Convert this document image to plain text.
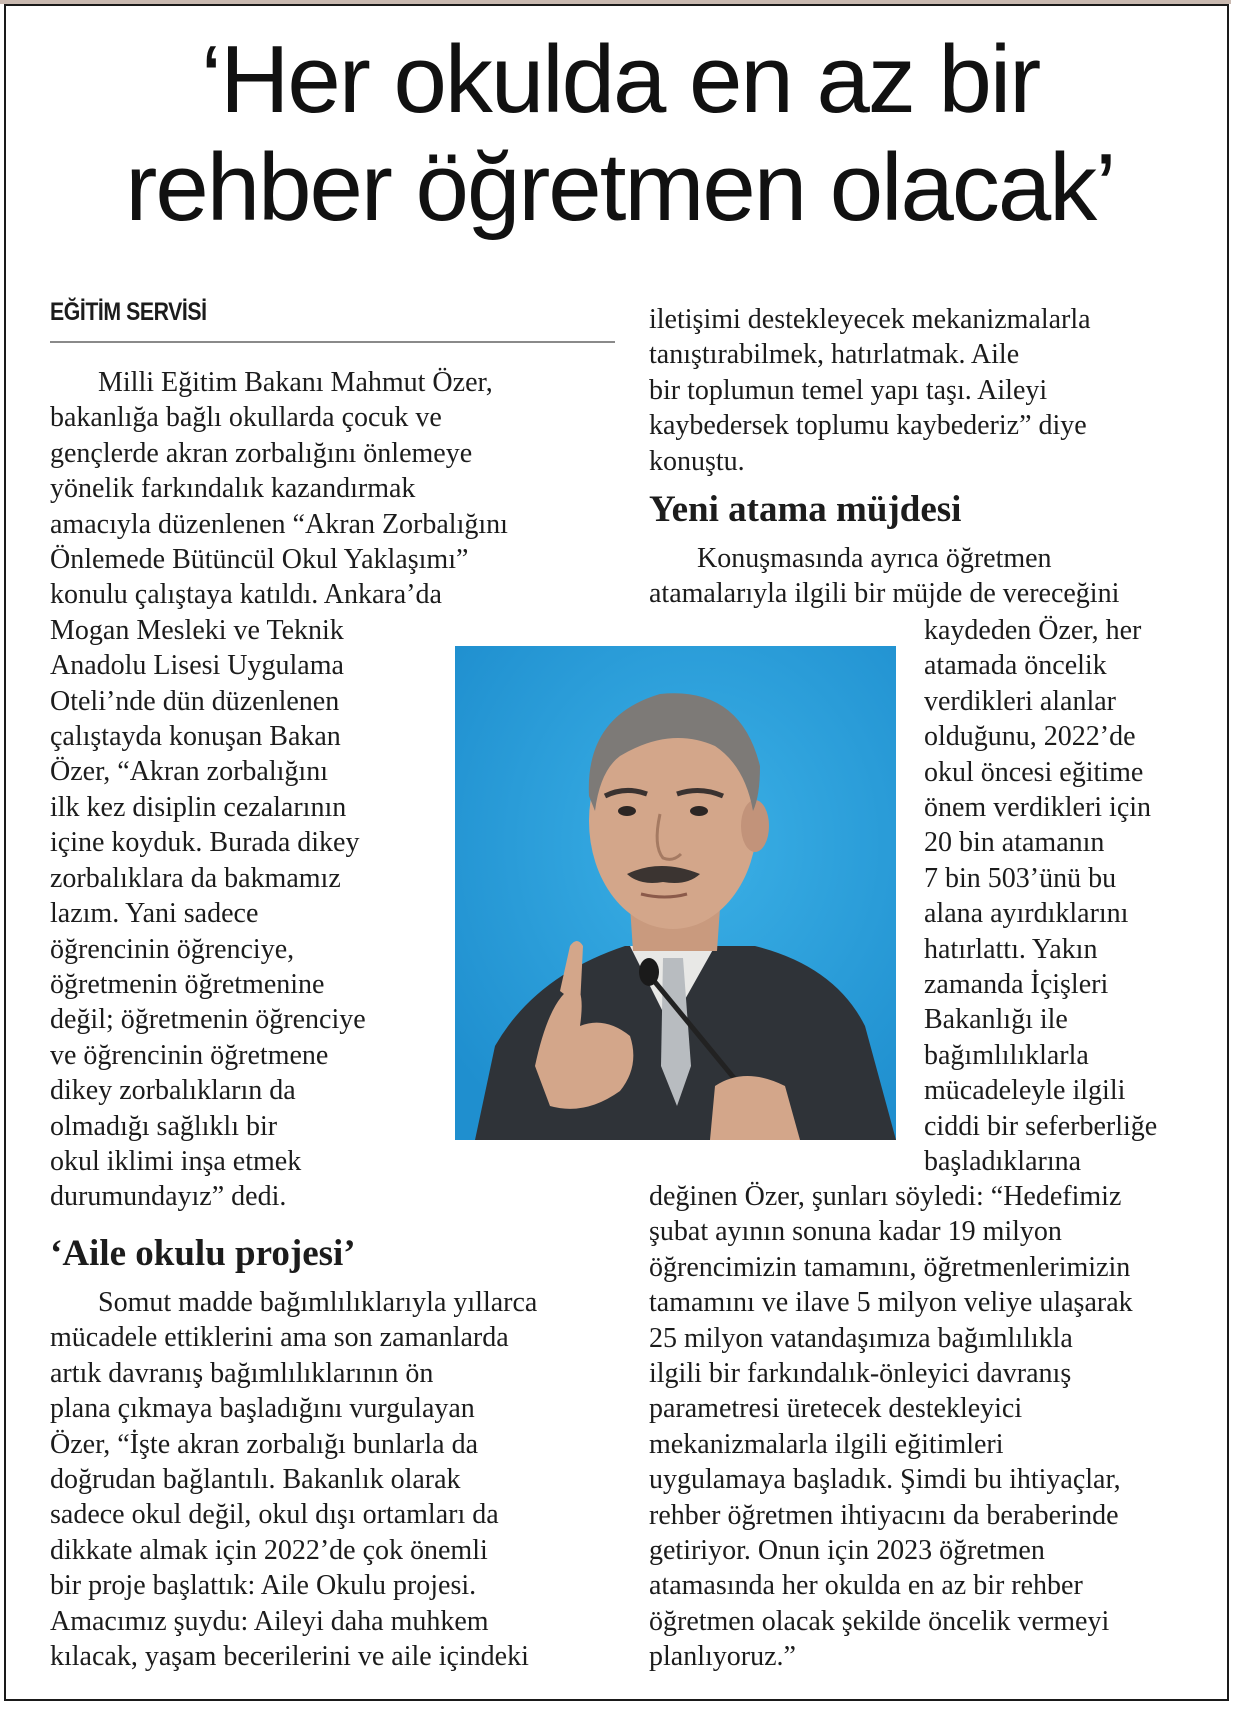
‘Her okulda en az bir
rehber öğretmen olacak’
EĞİTİM SERVİSİ

Milli Eğitim Bakanı Mahmut Özer,

bakanlığa bağlı okullarda çocuk ve

gençlerde akran zorbalığını önlemeye

yönelik farkındalık kazandırmak

amacıyla düzenlenen “Akran Zorbalığını

Önlemede Bütüncül Okul Yaklaşımı”

konulu çalıştaya katıldı. Ankara’da

Mogan Mesleki ve Teknik

Anadolu Lisesi Uygulama

Oteli’nde dün düzenlenen

çalıştayda konuşan Bakan

Özer, “Akran zorbalığını

ilk kez disiplin cezalarının

içine koyduk. Burada dikey

zorbalıklara da bakmamız

lazım. Yani sadece

öğrencinin öğrenciye,

öğretmenin öğretmenine

değil; öğretmenin öğrenciye

ve öğrencinin öğretmene

dikey zorbalıkların da

olmadığı sağlıklı bir

okul iklimi inşa etmek

durumundayız” dedi.

‘Aile okulu projesi’

Somut madde bağımlılıklarıyla yıllarca

mücadele ettiklerini ama son zamanlarda

artık davranış bağımlılıklarının ön

plana çıkmaya başladığını vurgulayan

Özer, “İşte akran zorbalığı bunlarla da

doğrudan bağlantılı. Bakanlık olarak

sadece okul değil, okul dışı ortamları da

dikkate almak için 2022’de çok önemli

bir proje başlattık: Aile Okulu projesi.

Amacımız şuydu: Aileyi daha muhkem

kılacak, yaşam becerilerini ve aile içindeki

iletişimi destekleyecek mekanizmalarla

tanıştırabilmek, hatırlatmak. Aile

bir toplumun temel yapı taşı. Aileyi

kaybedersek toplumu kaybederiz” diye

konuştu.

Yeni atama müjdesi

Konuşmasında ayrıca öğretmen

atamalarıyla ilgili bir müjde de vereceğini

kaydeden Özer, her

atamada öncelik

verdikleri alanlar

olduğunu, 2022’de

okul öncesi eğitime

önem verdikleri için

20 bin atamanın

7 bin 503’ünü bu

alana ayırdıklarını

hatırlattı. Yakın

zamanda İçişleri

Bakanlığı ile

bağımlılıklarla

mücadeleyle ilgili

ciddi bir seferberliğe

başladıklarına

değinen Özer, şunları söyledi: “Hedefimiz

şubat ayının sonuna kadar 19 milyon

öğrencimizin tamamını, öğretmenlerimizin

tamamını ve ilave 5 milyon veliye ulaşarak

25 milyon vatandaşımıza bağımlılıkla

ilgili bir farkındalık-önleyici davranış

parametresi üretecek destekleyici

mekanizmalarla ilgili eğitimleri

uygulamaya başladık. Şimdi bu ihtiyaçlar,

rehber öğretmen ihtiyacını da beraberinde

getiriyor. Onun için 2023 öğretmen

atamasında her okulda en az bir rehber

öğretmen olacak şekilde öncelik vermeyi

planlıyoruz.”
